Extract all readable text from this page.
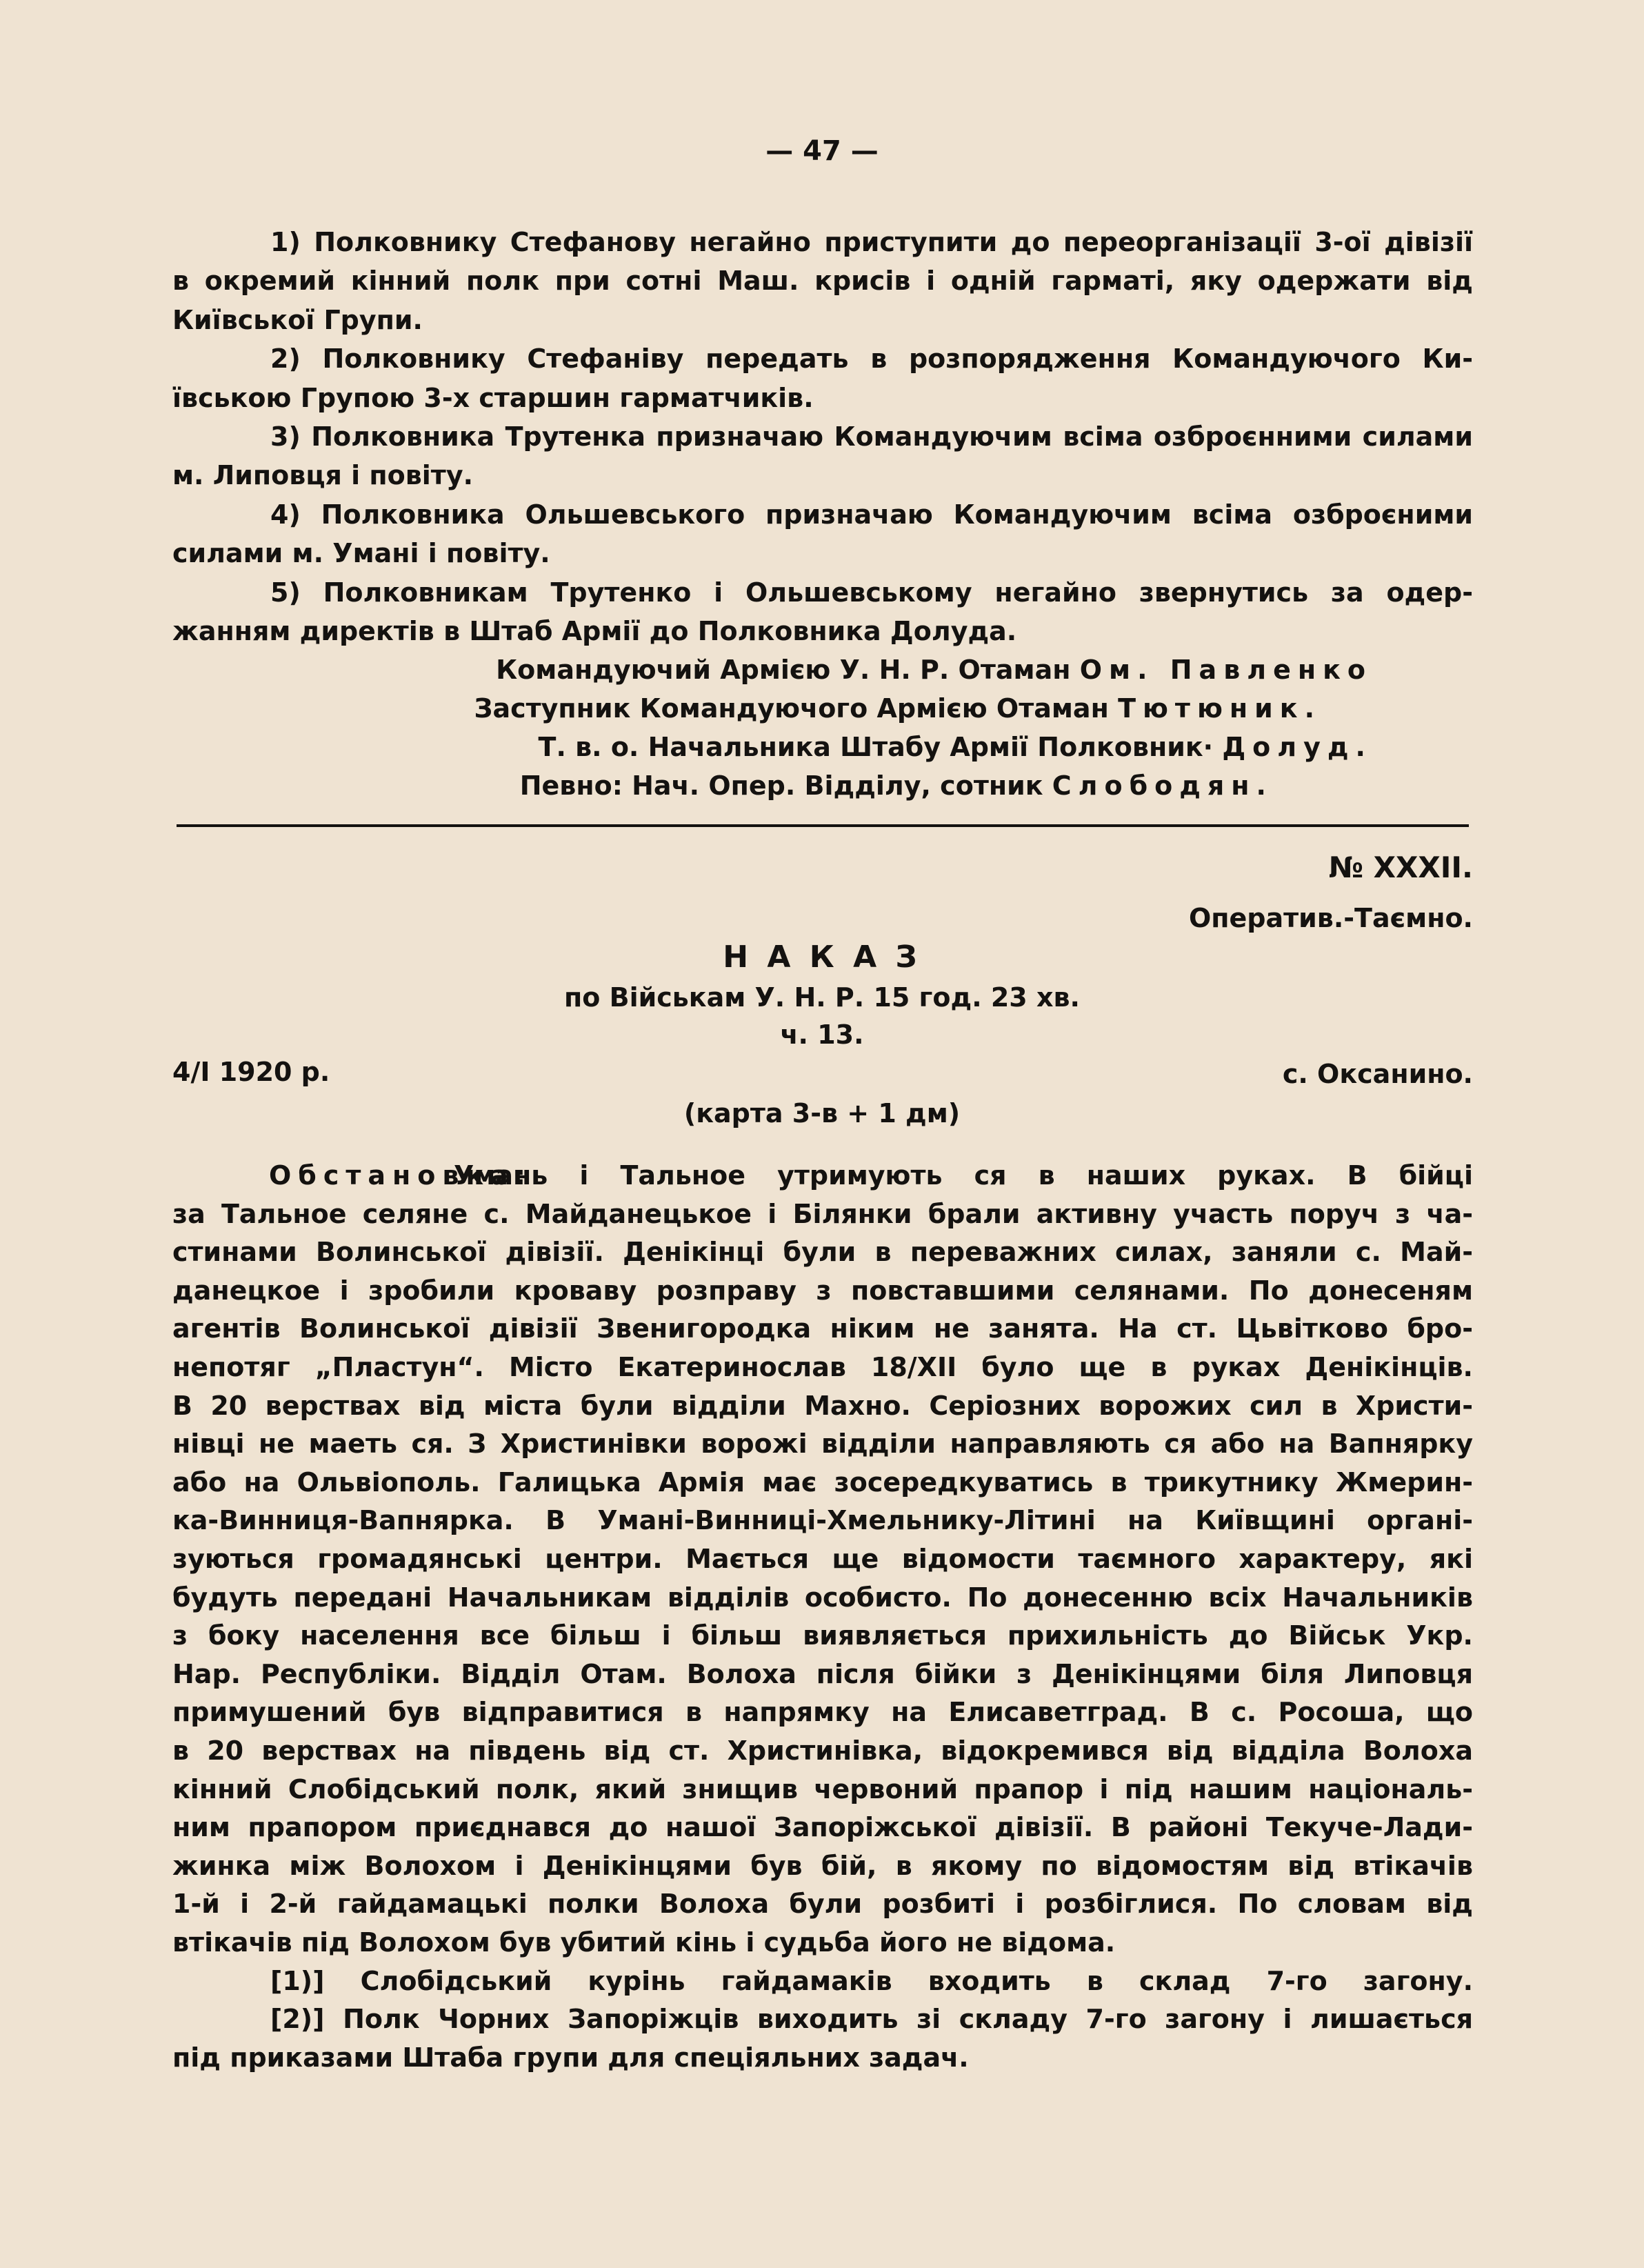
— 47 —
1) Полковнику Стефанову негайно приступити до переорганізації 3-ої дівізії
в окремий кінний полк при сотні Маш. крисів і одній гарматі, яку одержати від
Київської Групи.
2) Полковнику Стефаніву передать в розпорядження Командуючого Ки-
ївською Групою 3-х старшин гарматчиків.
3) Полковника Трутенка призначаю Командуючим всіма озброєнними силами
м. Липовця і повіту.
4) Полковника Ольшевського призначаю Командуючим всіма озброєними
силами м. Умані і повіту.
5) Полковникам Трутенко і Ольшевському негайно звернутись за одер-
жанням директів в Штаб Армії до Полковника Долуда.
Командуючий Армією У. Н. Р. Отаман Ом. Павленко
Заступник Командуючого Армією Отаман Тютюник.
Т. в. о. Начальника Штабу Армії Полковник· Долуд.
Певно: Нач. Опер. Відділу, сотник Слободян.
№ XXXII.
Оператив.-Таємно.
Н А К А З
по Військам У. Н. Р. 15 год. 23 хв.
ч. 13.
4/І 1920 р.	с. Оксанино.
(карта 3-в + 1 дм)
Обстановка:
Умань і Тальное утримують ся в наших руках. В бійці
за Тальное селяне с. Майданецькое і Білянки брали активну участь поруч з ча-
стинами Волинської дівізії. Денікінці були в переважних силах, заняли с. Май-
данецкое і зробили кроваву розправу з повставшими селянами. По донесеням
агентів Волинської дівізії Звенигородка ніким не занята. На ст. Цьвітково бро-
непотяг „Пластун“. Місто Екатеринослав 18/ХІІ було ще в руках Денікінців.
В 20 верствах від міста були відділи Махно. Серіозних ворожих сил в Христи-
нівці не маеть ся. З Христинівки ворожі відділи направляють ся або на Вапнярку
або на Ольвіополь. Галицька Армія має зосередкуватись в трикутнику Жмерин-
ка-Винниця-Вапнярка. В Умані-Винниці-Хмельнику-Літині на Київщині органі-
зуються громадянські центри. Мається ще відомости таємного характеру, які
будуть передані Начальникам відділів особисто. По донесенню всіх Начальників
з боку населення все більш і більш виявляється прихильність до Військ Укр.
Нар. Республіки. Відділ Отам. Волоха після бійки з Денікінцями біля Липовця
примушений був відправитися в напрямку на Елисаветград. В с. Росоша, що
в 20 верствах на південь від ст. Христинівка, відокремився від відділа Волоха
кінний Слобідський полк, який знищив червоний прапор і під нашим національ-
ним прапором приєднався до нашої Запоріжської дівізії. В районі Текуче-Лади-
жинка між Волохом і Денікінцями був бій, в якому по відомостям від втікачів
1-й і 2-й гайдамацькі полки Волоха були розбиті і розбіглися. По словам від
втікачів під Волохом був убитий кінь і судьба його не відома.
[1)] Слобідський курінь гайдамаків входить в склад 7-го загону.
[2)] Полк Чорних Запоріжців виходить зі складу 7-го загону і лишається
під приказами Штаба групи для спеціяльних задач.
